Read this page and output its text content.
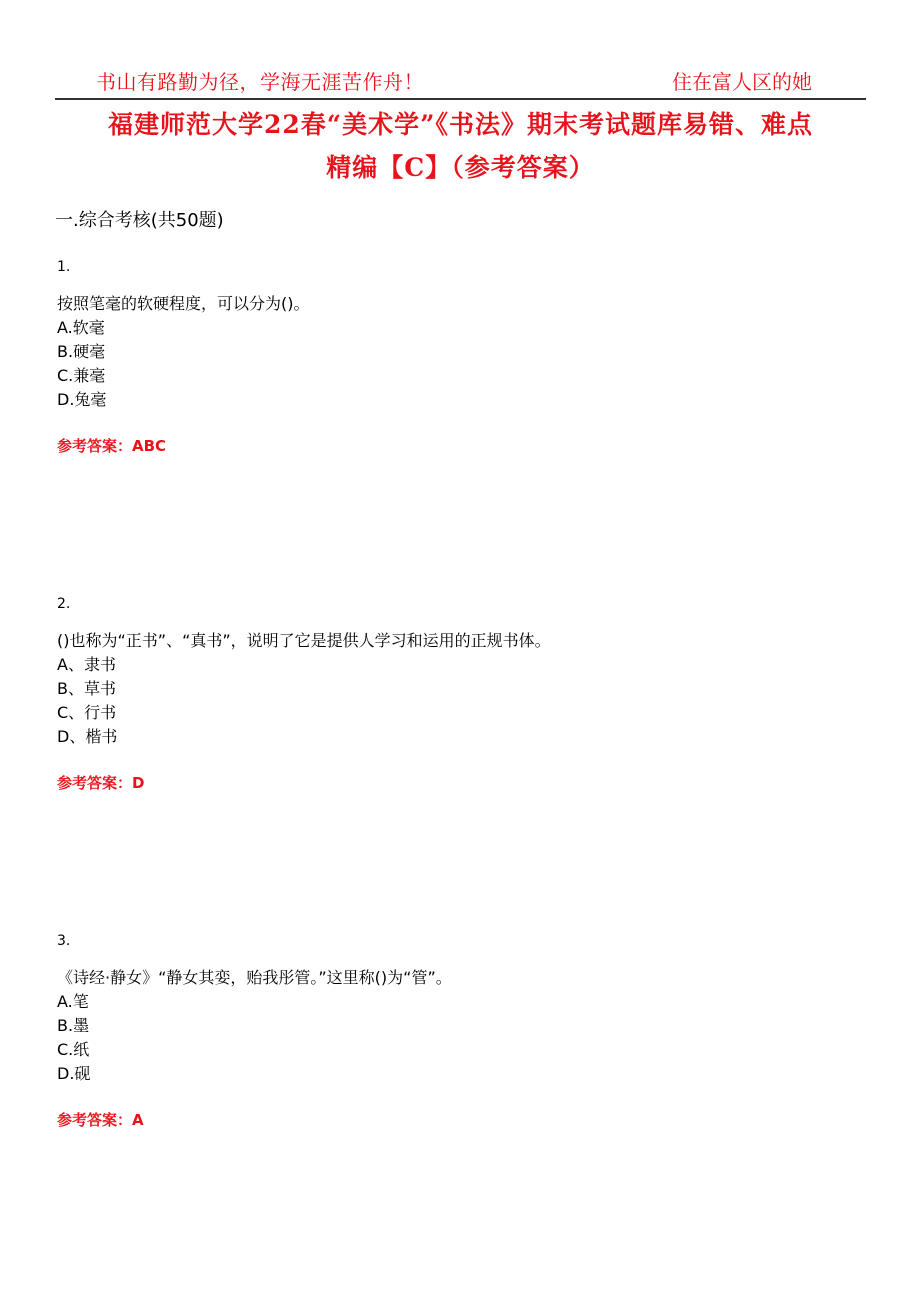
书山有路勤为径，学海无涯苦作舟！	住在富人区的她
福建师范大学22春“美术学”《书法》期末考试题库易错、难点
精编【C】（参考答案）
一.综合考核(共50题)
1.
按照笔毫的软硬程度，可以分为()。
A.软毫
B.硬毫
C.兼毫
D.兔毫
参考答案：ABC
2.
()也称为“正书”、“真书”，说明了它是提供人学习和运用的正规书体。
A、隶书
B、草书
C、行书
D、楷书
参考答案：D
3.
《诗经·静女》“静女其娈，贻我彤管。”这里称()为“管”。
A.笔
B.墨
C.纸
D.砚
参考答案：A
